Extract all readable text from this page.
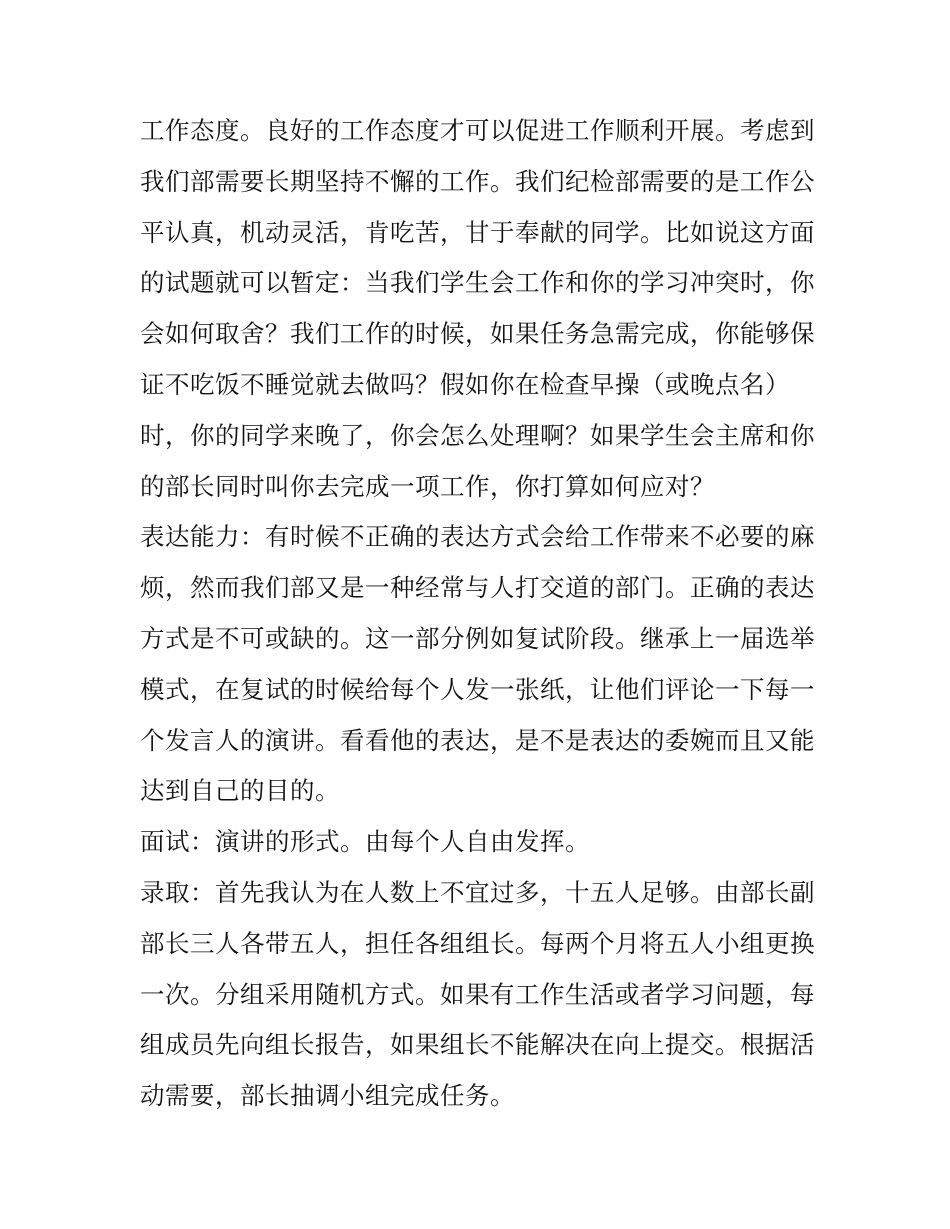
工作态度。良好的工作态度才可以促进工作顺利开展。考虑到
我们部需要长期坚持不懈的工作。我们纪检部需要的是工作公
平认真，机动灵活，肯吃苦，甘于奉献的同学。比如说这方面
的试题就可以暂定：当我们学生会工作和你的学习冲突时，你
会如何取舍？我们工作的时候，如果任务急需完成，你能够保
证不吃饭不睡觉就去做吗？假如你在检查早操（或晚点名）
时，你的同学来晚了，你会怎么处理啊？如果学生会主席和你
的部长同时叫你去完成一项工作，你打算如何应对？
表达能力：有时候不正确的表达方式会给工作带来不必要的麻
烦，然而我们部又是一种经常与人打交道的部门。正确的表达
方式是不可或缺的。这一部分例如复试阶段。继承上一届选举
模式，在复试的时候给每个人发一张纸，让他们评论一下每一
个发言人的演讲。看看他的表达，是不是表达的委婉而且又能
达到自己的目的。
面试：演讲的形式。由每个人自由发挥。
录取：首先我认为在人数上不宜过多，十五人足够。由部长副
部长三人各带五人，担任各组组长。每两个月将五人小组更换
一次。分组采用随机方式。如果有工作生活或者学习问题，每
组成员先向组长报告，如果组长不能解决在向上提交。根据活
动需要，部长抽调小组完成任务。
